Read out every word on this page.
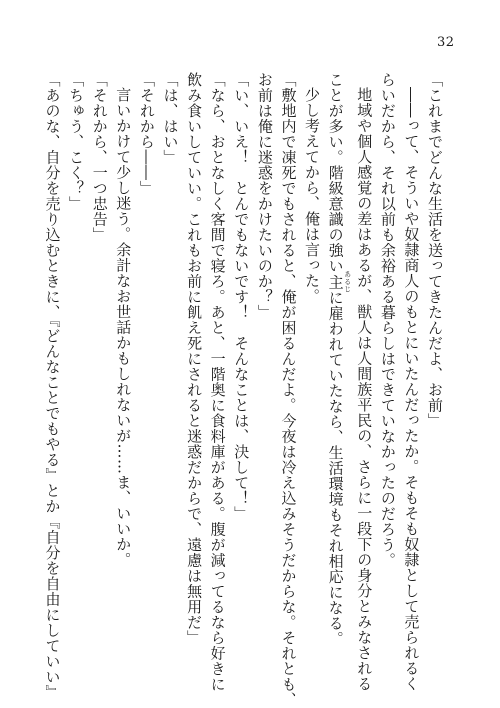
32
「これまでどんな生活を送ってきたんだよ、お前」
――って、そういや奴隷商人のもとにいたんだったか。そもそも奴隷として売られるく
らいだから、それ以前も余裕ある暮らしはできていなかったのだろう。
地域や個人感覚の差はあるが、獣人は人間族平民の、さらに一段下の身分とみなされる
ことが多い。階級意識の強い主 あるじに雇われていたなら、生活環境もそれ相応になる。
少し考えてから、俺は言った。
「敷地内で凍死でもされると、俺が困るんだよ。今夜は冷え込みそうだからな。それとも、
お前は俺に迷惑をかけたいのか？」
「い、いえ！　とんでもないです！　そんなことは、決して！」
「なら、おとなしく客間で寝ろ。あと、一階奥に食料庫がある。腹が減ってるなら好きに
飲み食いしていい。これもお前に飢え死にされると迷惑だからで、遠慮は無用だ」
「は、はい」
「それから――」
言いかけて少し迷う。余計なお世話かもしれないが……ま、いいか。
「それから、一つ忠告」
「ちゅう、こく？」
「あのな、自分を売り込むときに、『どんなことでもやる』とか『自分を自由にしていい』
